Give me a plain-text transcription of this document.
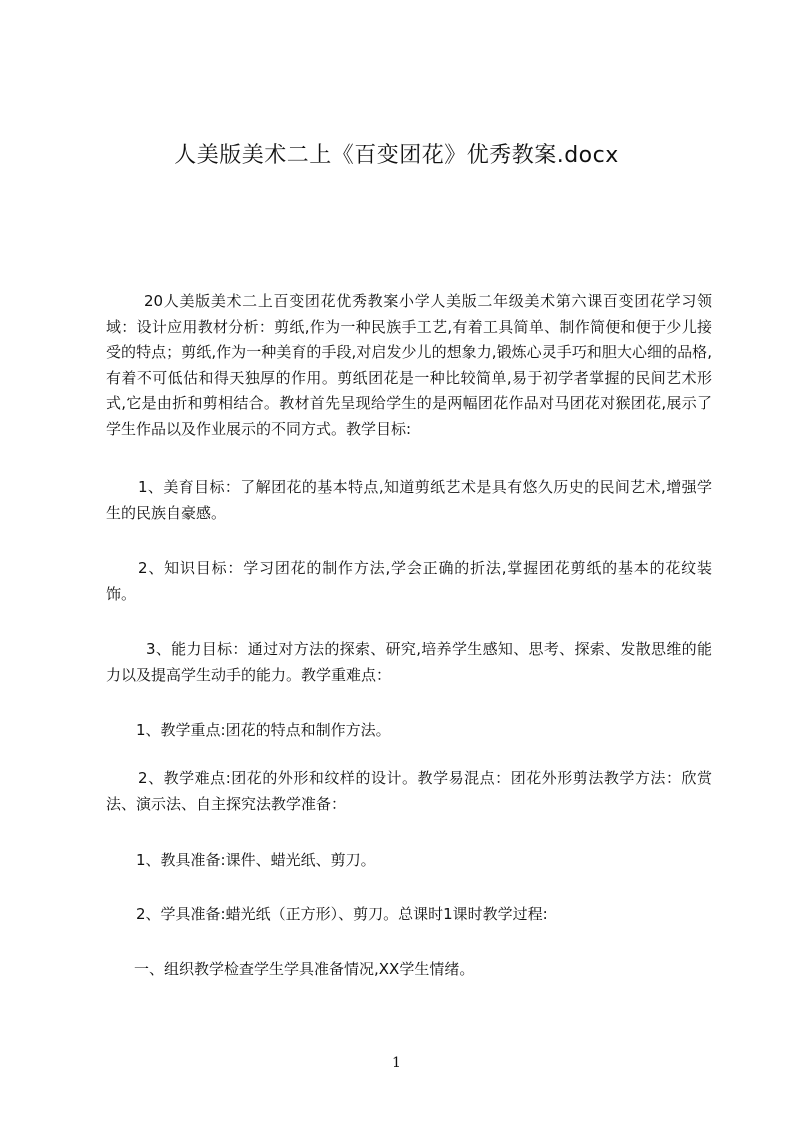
人美版美术二上《百变团花》优秀教案.docx

20人美版美术二上百变团花优秀教案小学人美版二年级美术第六课百变团花学习领域：设计应用教材分析：剪纸,作为一种民族手工艺,有着工具简单、制作简便和便于少儿接受的特点；剪纸,作为一种美育的手段,对启发少儿的想象力,锻炼心灵手巧和胆大心细的品格,有着不可低估和得天独厚的作用。剪纸团花是一种比较简单,易于初学者掌握的民间艺术形式,它是由折和剪相结合。教材首先呈现给学生的是两幅团花作品对马团花对猴团花,展示了学生作品以及作业展示的不同方式。教学目标:

1、美育目标：了解团花的基本特点,知道剪纸艺术是具有悠久历史的民间艺术,增强学生的民族自豪感。

2、知识目标：学习团花的制作方法,学会正确的折法,掌握团花剪纸的基本的花纹装饰。

3、能力目标：通过对方法的探索、研究,培养学生感知、思考、探索、发散思维的能力以及提高学生动手的能力。教学重难点：

1、教学重点:团花的特点和制作方法。

2、教学难点:团花的外形和纹样的设计。教学易混点：团花外形剪法教学方法：欣赏法、演示法、自主探究法教学准备：

1、教具准备:课件、蜡光纸、剪刀。

2、学具准备:蜡光纸（正方形）、剪刀。总课时1课时教学过程:

一、组织教学检查学生学具准备情况,XX学生情绪。

1
